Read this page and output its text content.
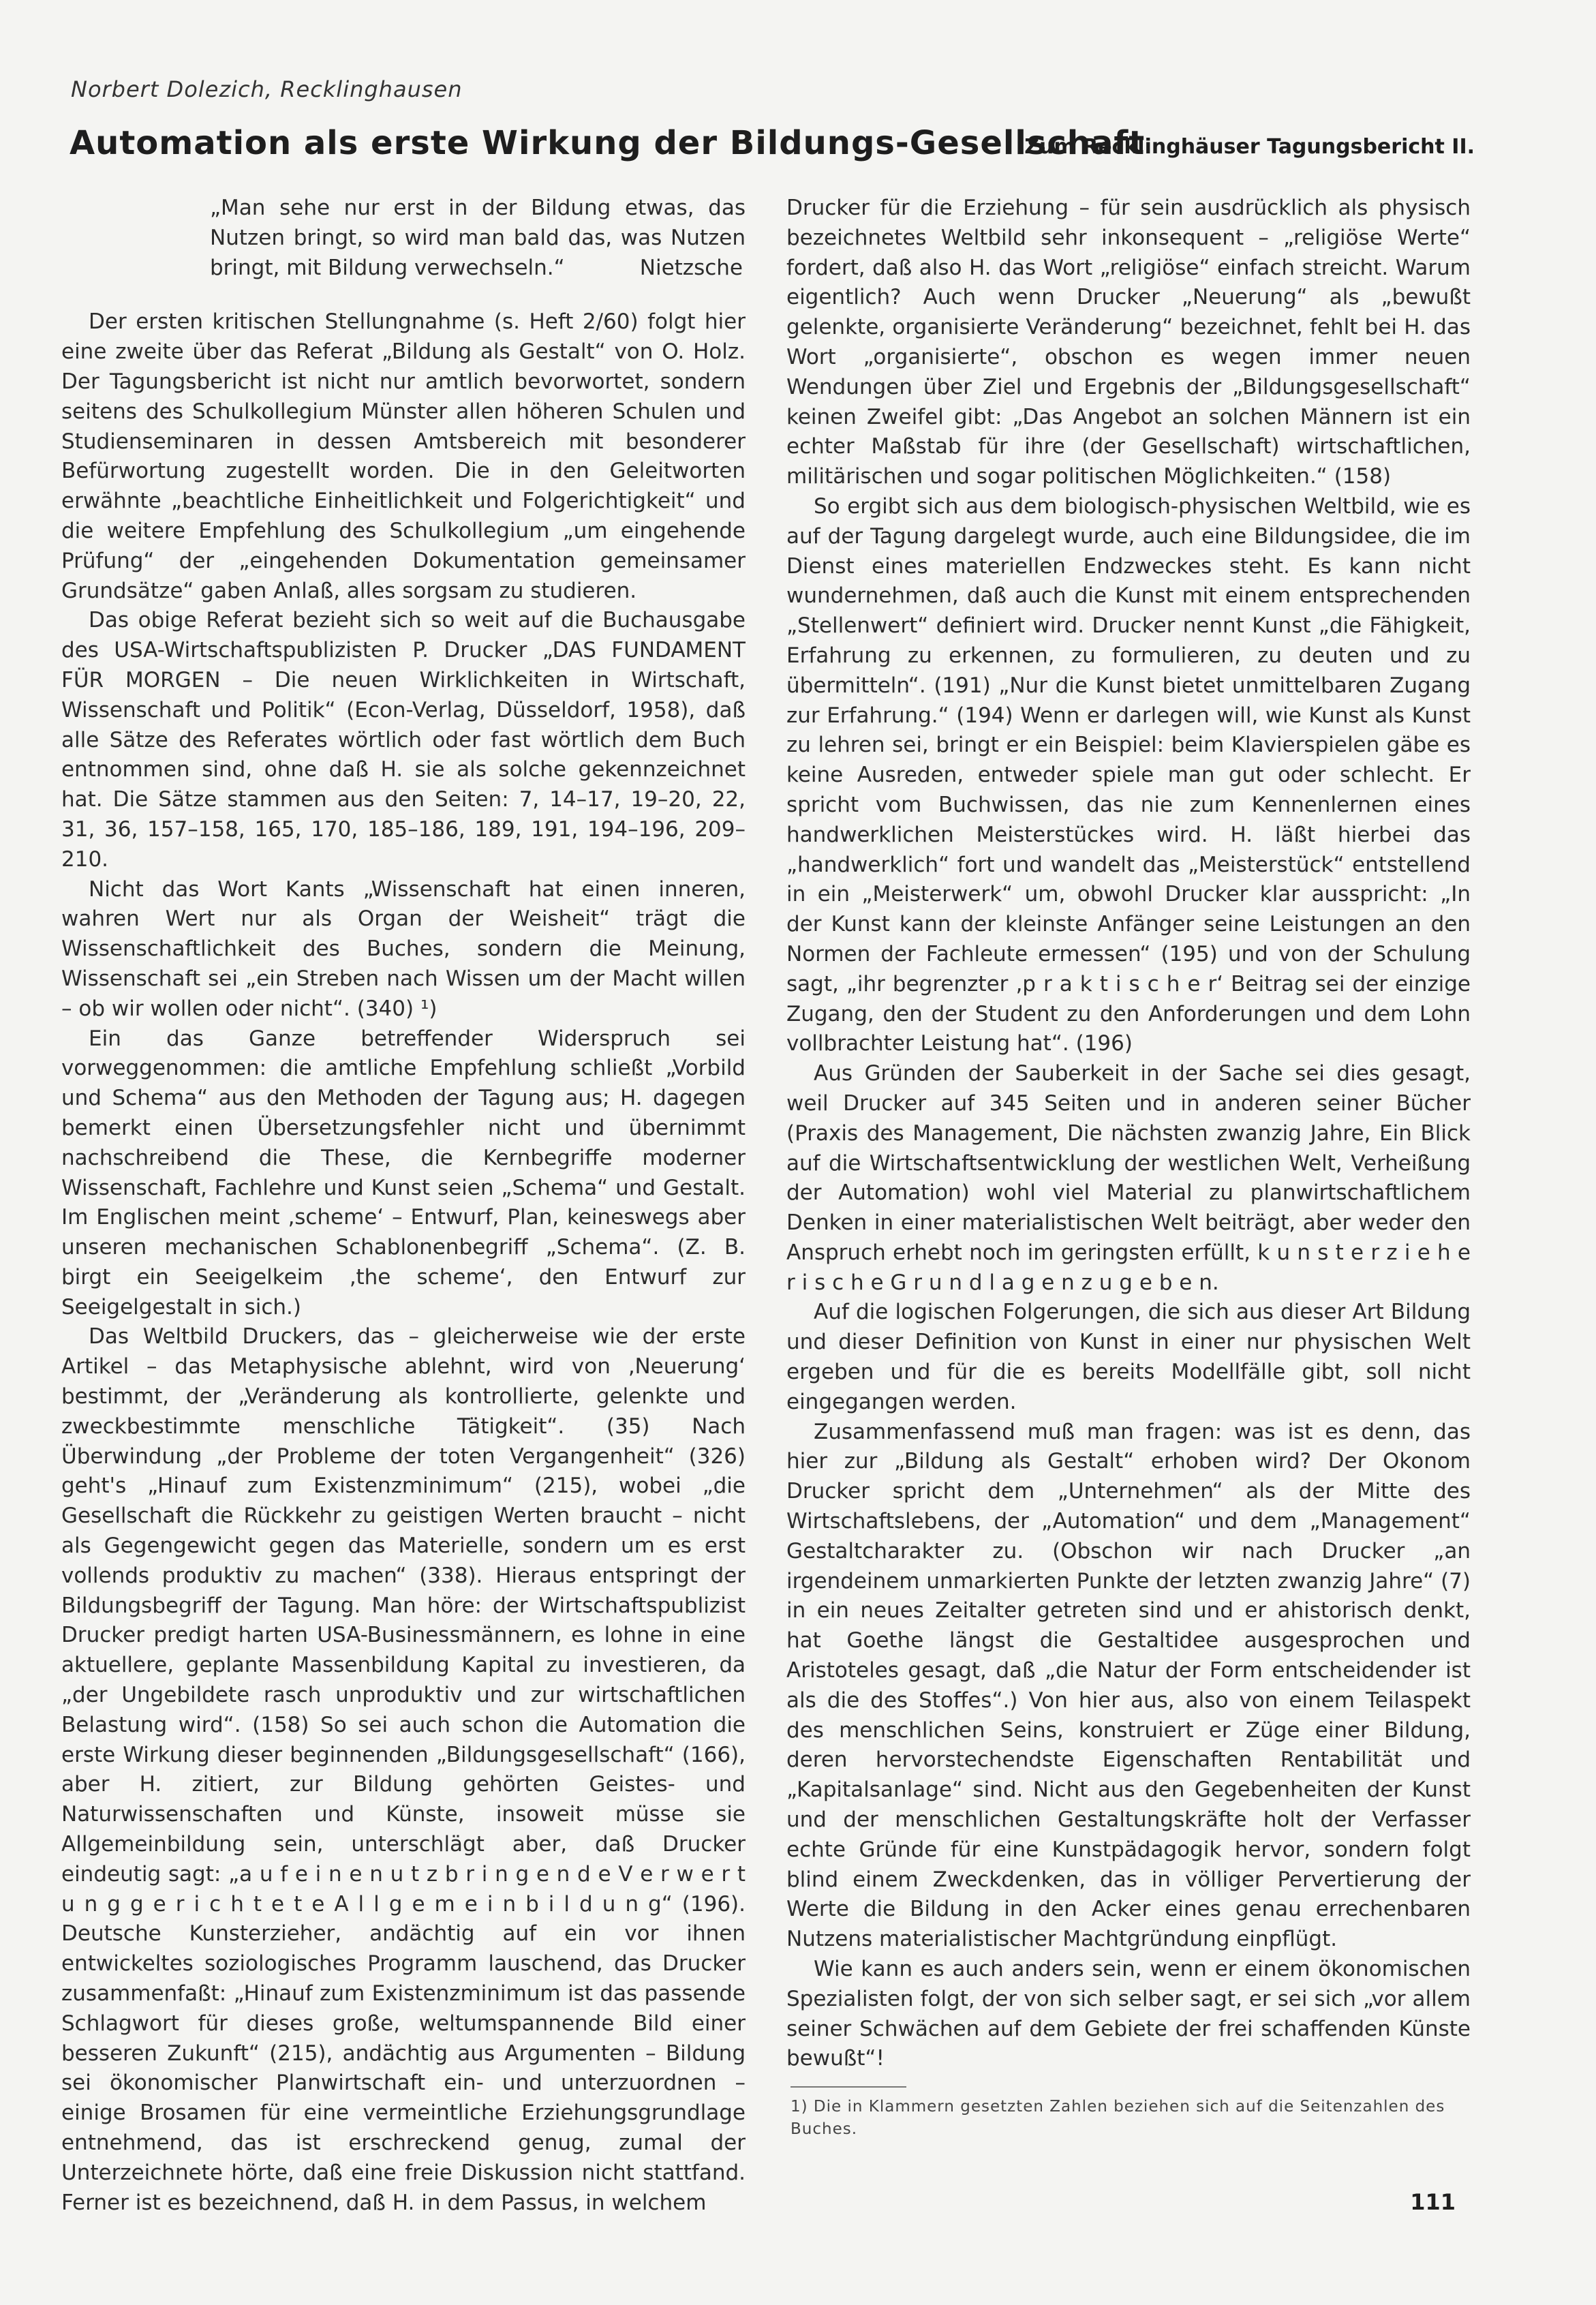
Norbert Dolezich, Recklinghausen
Automation als erste Wirkung der Bildungs-Gesellschaft
Zum Recklinghäuser Tagungsbericht II.
„Man sehe nur erst in der Bildung etwas, das Nutzen bringt, so wird man bald das, was Nutzen bringt, mit Bildung verwechseln.“	Nietzsche

Der ersten kritischen Stellungnahme (s. Heft 2/60) folgt hier eine zweite über das Referat „Bildung als Gestalt“ von O. Holz. Der Tagungsbericht ist nicht nur amtlich bevorwortet, sondern seitens des Schulkollegium Münster allen höheren Schulen und Studienseminaren in dessen Amtsbereich mit besonderer Befürwortung zugestellt worden. Die in den Geleitworten erwähnte „beachtliche Einheitlichkeit und Folgerichtigkeit“ und die weitere Empfehlung des Schulkollegium „um eingehende Prüfung“ der „eingehenden Dokumentation gemeinsamer Grundsätze“ gaben Anlaß, alles sorgsam zu studieren.

Das obige Referat bezieht sich so weit auf die Buchausgabe des USA-Wirtschaftspublizisten P. Drucker „DAS FUNDAMENT FÜR MORGEN – Die neuen Wirklichkeiten in Wirtschaft, Wissenschaft und Politik“ (Econ-Verlag, Düsseldorf, 1958), daß alle Sätze des Referates wörtlich oder fast wörtlich dem Buch entnommen sind, ohne daß H. sie als solche gekennzeichnet hat. Die Sätze stammen aus den Seiten: 7, 14–17, 19–20, 22, 31, 36, 157–158, 165, 170, 185–186, 189, 191, 194–196, 209–210.

Nicht das Wort Kants „Wissenschaft hat einen inneren, wahren Wert nur als Organ der Weisheit“ trägt die Wissenschaftlichkeit des Buches, sondern die Meinung, Wissenschaft sei „ein Streben nach Wissen um der Macht willen – ob wir wollen oder nicht“. (340) ¹)

Ein das Ganze betreffender Widerspruch sei vorweggenommen: die amtliche Empfehlung schließt „Vorbild und Schema“ aus den Methoden der Tagung aus; H. dagegen bemerkt einen Übersetzungsfehler nicht und übernimmt nachschreibend die These, die Kernbegriffe moderner Wissenschaft, Fachlehre und Kunst seien „Schema“ und Gestalt. Im Englischen meint ‚scheme‘ – Entwurf, Plan, keineswegs aber unseren mechanischen Schablonenbegriff „Schema“. (Z. B. birgt ein Seeigelkeim ‚the scheme‘, den Entwurf zur Seeigelgestalt in sich.)

Das Weltbild Druckers, das – gleicherweise wie der erste Artikel – das Metaphysische ablehnt, wird von ‚Neuerung‘ bestimmt, der „Veränderung als kontrollierte, gelenkte und zweckbestimmte menschliche Tätigkeit“. (35) Nach Überwindung „der Probleme der toten Vergangenheit“ (326) geht's „Hinauf zum Existenzminimum“ (215), wobei „die Gesellschaft die Rückkehr zu geistigen Werten braucht – nicht als Gegengewicht gegen das Materielle, sondern um es erst vollends produktiv zu machen“ (338). Hieraus entspringt der Bildungsbegriff der Tagung. Man höre: der Wirtschaftspublizist Drucker predigt harten USA-Businessmännern, es lohne in eine aktuellere, geplante Massenbildung Kapital zu investieren, da „der Ungebildete rasch unproduktiv und zur wirtschaftlichen Belastung wird“. (158) So sei auch schon die Automation die erste Wirkung dieser beginnenden „Bildungsgesellschaft“ (166), aber H. zitiert, zur Bildung gehörten Geistes- und Naturwissenschaften und Künste, insoweit müsse sie Allgemeinbildung sein, unterschlägt aber, daß Drucker eindeutig sagt: „a u f e i n e n u t z b r i n g e n d e V e r w e r t u n g g e r i c h t e t e A l l g e m e i n b i l d u n g“ (196). Deutsche Kunsterzieher, andächtig auf ein vor ihnen entwickeltes soziologisches Programm lauschend, das Drucker zusammenfaßt: „Hinauf zum Existenzminimum ist das passende Schlagwort für dieses große, weltumspannende Bild einer besseren Zukunft“ (215), andächtig aus Argumenten – Bildung sei ökonomischer Planwirtschaft ein- und unterzuordnen – einige Brosamen für eine vermeintliche Erziehungsgrundlage entnehmend, das ist erschreckend genug, zumal der Unterzeichnete hörte, daß eine freie Diskussion nicht stattfand. Ferner ist es bezeichnend, daß H. in dem Passus, in welchem

Drucker für die Erziehung – für sein ausdrücklich als physisch bezeichnetes Weltbild sehr inkonsequent – „religiöse Werte“ fordert, daß also H. das Wort „religiöse“ einfach streicht. Warum eigentlich? Auch wenn Drucker „Neuerung“ als „bewußt gelenkte, organisierte Veränderung“ bezeichnet, fehlt bei H. das Wort „organisierte“, obschon es wegen immer neuen Wendungen über Ziel und Ergebnis der „Bildungsgesellschaft“ keinen Zweifel gibt: „Das Angebot an solchen Männern ist ein echter Maßstab für ihre (der Gesellschaft) wirtschaftlichen, militärischen und sogar politischen Möglichkeiten.“ (158)

So ergibt sich aus dem biologisch-physischen Weltbild, wie es auf der Tagung dargelegt wurde, auch eine Bildungsidee, die im Dienst eines materiellen Endzweckes steht. Es kann nicht wundernehmen, daß auch die Kunst mit einem entsprechenden „Stellenwert“ definiert wird. Drucker nennt Kunst „die Fähigkeit, Erfahrung zu erkennen, zu formulieren, zu deuten und zu übermitteln“. (191) „Nur die Kunst bietet unmittelbaren Zugang zur Erfahrung.“ (194) Wenn er darlegen will, wie Kunst als Kunst zu lehren sei, bringt er ein Beispiel: beim Klavierspielen gäbe es keine Ausreden, entweder spiele man gut oder schlecht. Er spricht vom Buchwissen, das nie zum Kennenlernen eines handwerklichen Meisterstückes wird. H. läßt hierbei das „handwerklich“ fort und wandelt das „Meisterstück“ entstellend in ein „Meisterwerk“ um, obwohl Drucker klar ausspricht: „In der Kunst kann der kleinste Anfänger seine Leistungen an den Normen der Fachleute ermessen“ (195) und von der Schulung sagt, „ihr begrenzter ‚p r a k t i s c h e r‘ Beitrag sei der einzige Zugang, den der Student zu den Anforderungen und dem Lohn vollbrachter Leistung hat“. (196)

Aus Gründen der Sauberkeit in der Sache sei dies gesagt, weil Drucker auf 345 Seiten und in anderen seiner Bücher (Praxis des Management, Die nächsten zwanzig Jahre, Ein Blick auf die Wirtschaftsentwicklung der westlichen Welt, Verheißung der Automation) wohl viel Material zu planwirtschaftlichem Denken in einer materialistischen Welt beiträgt, aber weder den Anspruch erhebt noch im geringsten erfüllt, k u n s t e r z i e h e r i s c h e G r u n d l a g e n z u g e b e n.

Auf die logischen Folgerungen, die sich aus dieser Art Bildung und dieser Definition von Kunst in einer nur physischen Welt ergeben und für die es bereits Modellfälle gibt, soll nicht eingegangen werden.

Zusammenfassend muß man fragen: was ist es denn, das hier zur „Bildung als Gestalt“ erhoben wird? Der Okonom Drucker spricht dem „Unternehmen“ als der Mitte des Wirtschaftslebens, der „Automation“ und dem „Management“ Gestaltcharakter zu. (Obschon wir nach Drucker „an irgendeinem unmarkierten Punkte der letzten zwanzig Jahre“ (7) in ein neues Zeitalter getreten sind und er ahistorisch denkt, hat Goethe längst die Gestaltidee ausgesprochen und Aristoteles gesagt, daß „die Natur der Form entscheidender ist als die des Stoffes“.) Von hier aus, also von einem Teilaspekt des menschlichen Seins, konstruiert er Züge einer Bildung, deren hervorstechendste Eigenschaften Rentabilität und „Kapitalsanlage“ sind. Nicht aus den Gegebenheiten der Kunst und der menschlichen Gestaltungskräfte holt der Verfasser echte Gründe für eine Kunstpädagogik hervor, sondern folgt blind einem Zweckdenken, das in völliger Pervertierung der Werte die Bildung in den Acker eines genau errechenbaren Nutzens materialistischer Machtgründung einpflügt.

Wie kann es auch anders sein, wenn er einem ökonomischen Spezialisten folgt, der von sich selber sagt, er sei sich „vor allem seiner Schwächen auf dem Gebiete der frei schaffenden Künste bewußt“!

1) Die in Klammern gesetzten Zahlen beziehen sich auf die Seitenzahlen des Buches.
111
